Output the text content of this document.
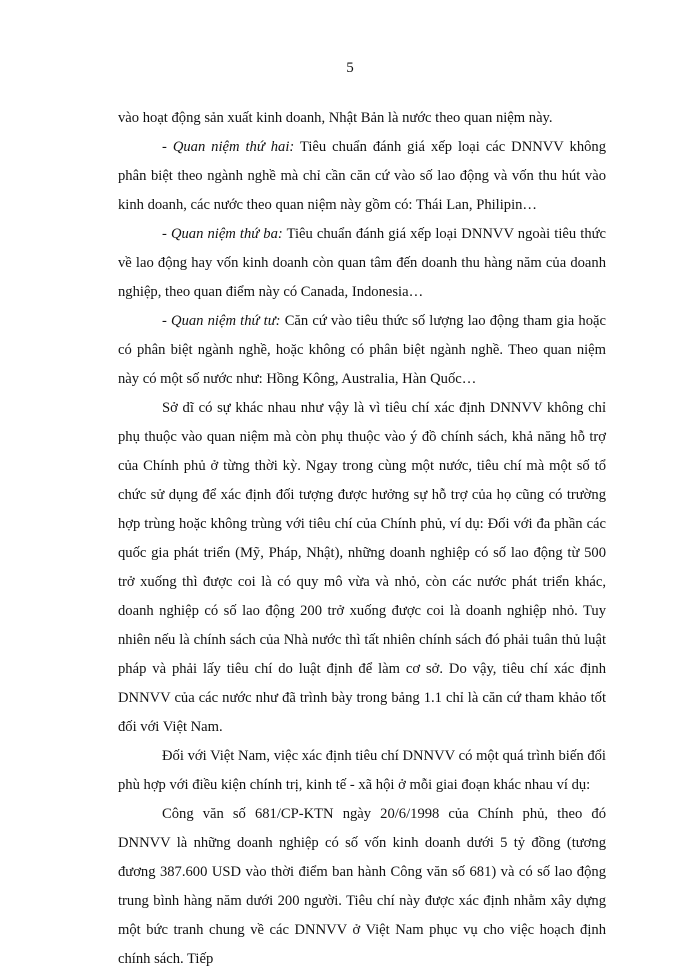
5

vào hoạt động sản xuất kinh doanh, Nhật Bản là nước theo quan niệm này.

- Quan niệm thứ hai: Tiêu chuẩn đánh giá xếp loại các DNNVV không phân biệt theo ngành nghề mà chỉ cần căn cứ vào số lao động và vốn thu hút vào kinh doanh, các nước theo quan niệm này gồm có: Thái Lan, Philipin…

- Quan niệm thứ ba: Tiêu chuẩn đánh giá xếp loại DNNVV ngoài tiêu thức về lao động hay vốn kinh doanh còn quan tâm đến doanh thu hàng năm của doanh nghiệp, theo quan điểm này có Canada, Indonesia…

- Quan niệm thứ tư: Căn cứ vào tiêu thức số lượng lao động tham gia hoặc có phân biệt ngành nghề, hoặc không có phân biệt ngành nghề. Theo quan niệm này có một số nước như: Hồng Kông, Australia, Hàn Quốc…

Sở dĩ có sự khác nhau như vậy là vì tiêu chí xác định DNNVV không chỉ phụ thuộc vào quan niệm mà còn phụ thuộc vào ý đồ chính sách, khả năng hỗ trợ của Chính phủ ở từng thời kỳ. Ngay trong cùng một nước, tiêu chí mà một số tổ chức sử dụng để xác định đối tượng được hưởng sự hỗ trợ của họ cũng có trường hợp trùng hoặc không trùng với tiêu chí của Chính phủ, ví dụ: Đối với đa phần các quốc gia phát triển (Mỹ, Pháp, Nhật), những doanh nghiệp có số lao động từ 500 trở xuống thì được coi là có quy mô vừa và nhỏ, còn các nước phát triển khác, doanh nghiệp có số lao động 200 trở xuống được coi là doanh nghiệp nhỏ. Tuy nhiên nếu là chính sách của Nhà nước thì tất nhiên chính sách đó phải tuân thủ luật pháp và phải lấy tiêu chí do luật định để làm cơ sở. Do vậy, tiêu chí xác định DNNVV của các nước như đã trình bày trong bảng 1.1 chỉ là căn cứ tham khảo tốt đối với Việt Nam.

Đối với Việt Nam, việc xác định tiêu chí DNNVV có một quá trình biến đổi phù hợp với điều kiện chính trị, kinh tế - xã hội ở mỗi giai đoạn khác nhau ví dụ:

Công văn số 681/CP-KTN ngày 20/6/1998 của Chính phủ, theo đó DNNVV là những doanh nghiệp có số vốn kinh doanh dưới 5 tỷ đồng (tương đương 387.600 USD vào thời điểm ban hành Công văn số 681) và có số lao động trung bình hàng năm dưới 200 người. Tiêu chí này được xác định nhằm xây dựng một bức tranh chung về các DNNVV ở Việt Nam phục vụ cho việc hoạch định chính sách. Tiếp
